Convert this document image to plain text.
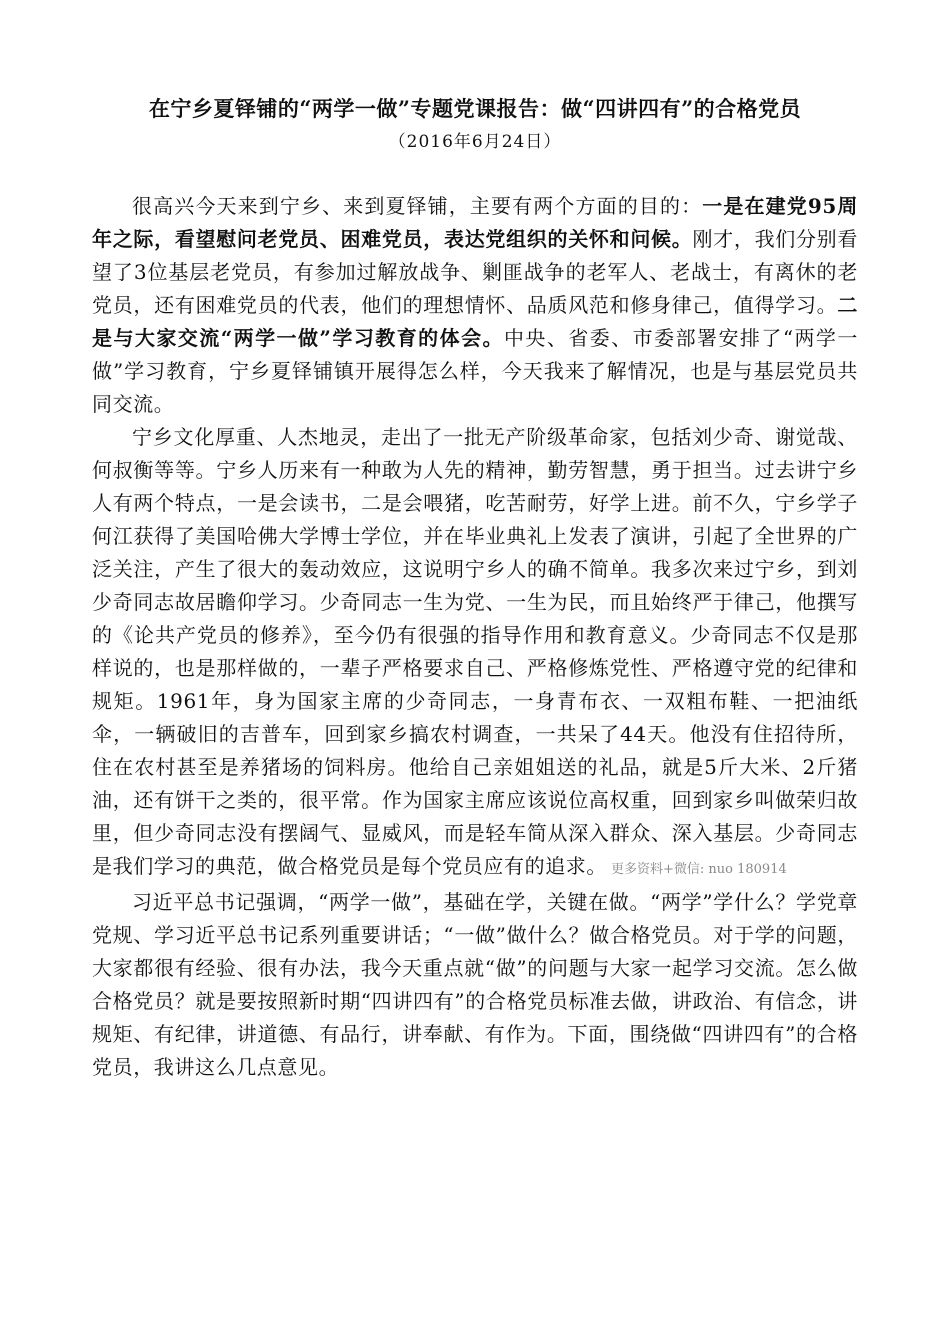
在宁乡夏铎铺的“两学一做”专题党课报告：做“四讲四有”的合格党员
（2016年6月24日）

很高兴今天来到宁乡、来到夏铎铺，主要有两个方面的目的：一是在建党95周年之际，看望慰问老党员、困难党员，表达党组织的关怀和问候。刚才，我们分别看望了3位基层老党员，有参加过解放战争、剿匪战争的老军人、老战士，有离休的老党员，还有困难党员的代表，他们的理想情怀、品质风范和修身律己，值得学习。二是与大家交流“两学一做”学习教育的体会。中央、省委、市委部署安排了“两学一做”学习教育，宁乡夏铎铺镇开展得怎么样，今天我来了解情况，也是与基层党员共同交流。

宁乡文化厚重、人杰地灵，走出了一批无产阶级革命家，包括刘少奇、谢觉哉、何叔衡等等。宁乡人历来有一种敢为人先的精神，勤劳智慧，勇于担当。过去讲宁乡人有两个特点，一是会读书，二是会喂猪，吃苦耐劳，好学上进。前不久，宁乡学子何江获得了美国哈佛大学博士学位，并在毕业典礼上发表了演讲，引起了全世界的广泛关注，产生了很大的轰动效应，这说明宁乡人的确不简单。我多次来过宁乡，到刘少奇同志故居瞻仰学习。少奇同志一生为党、一生为民，而且始终严于律己，他撰写的《论共产党员的修养》，至今仍有很强的指导作用和教育意义。少奇同志不仅是那样说的，也是那样做的，一辈子严格要求自己、严格修炼党性、严格遵守党的纪律和规矩。1961年，身为国家主席的少奇同志，一身青布衣、一双粗布鞋、一把油纸伞，一辆破旧的吉普车，回到家乡搞农村调查，一共呆了44天。他没有住招待所，住在农村甚至是养猪场的饲料房。他给自己亲姐姐送的礼品，就是5斤大米、2斤猪油，还有饼干之类的，很平常。作为国家主席应该说位高权重，回到家乡叫做荣归故里，但少奇同志没有摆阔气、显威风，而是轻车简从深入群众、深入基层。少奇同志是我们学习的典范，做合格党员是每个党员应有的追求。 更多资料+微信: nuo 180914

习近平总书记强调，“两学一做”，基础在学，关键在做。“两学”学什么？学党章党规、学习近平总书记系列重要讲话；“一做”做什么？做合格党员。对于学的问题，大家都很有经验、很有办法，我今天重点就“做”的问题与大家一起学习交流。怎么做合格党员？就是要按照新时期“四讲四有”的合格党员标准去做，讲政治、有信念，讲规矩、有纪律，讲道德、有品行，讲奉献、有作为。下面，围绕做“四讲四有”的合格党员，我讲这么几点意见。
